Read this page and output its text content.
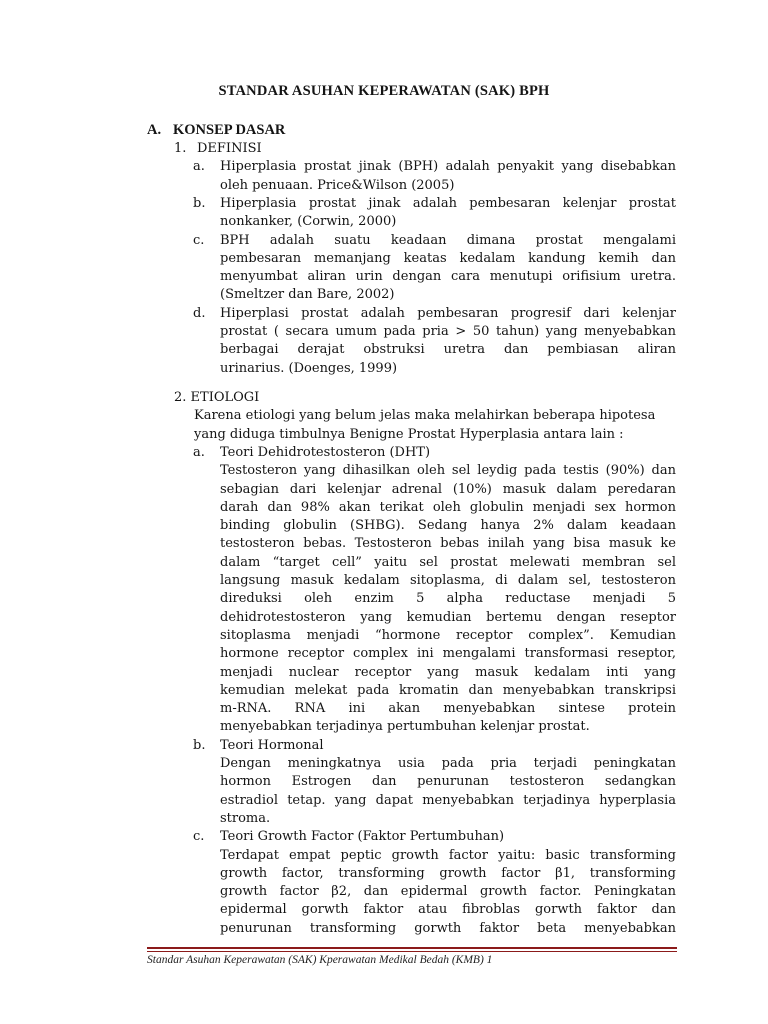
STANDAR ASUHAN KEPERAWATAN (SAK) BPH
A. KONSEP DASAR
1. DEFINISI
a. Hiperplasia prostat jinak (BPH) adalah penyakit yang disebabkan
oleh penuaan. Price&Wilson (2005)
b. Hiperplasia prostat jinak adalah pembesaran kelenjar prostat
nonkanker, (Corwin, 2000)
c. BPH adalah suatu keadaan dimana prostat mengalami
pembesaran memanjang keatas kedalam kandung kemih dan
menyumbat aliran urin dengan cara menutupi orifisium uretra.
(Smeltzer dan Bare, 2002)
d. Hiperplasi prostat adalah pembesaran progresif dari kelenjar
prostat ( secara umum pada pria > 50 tahun) yang menyebabkan
berbagai derajat obstruksi uretra dan pembiasan aliran
urinarius. (Doenges, 1999)
2. ETIOLOGI
Karena etiologi yang belum jelas maka melahirkan beberapa hipotesa
yang diduga timbulnya Benigne Prostat Hyperplasia antara lain :
a. Teori Dehidrotestosteron (DHT)
Testosteron yang dihasilkan oleh sel leydig pada testis (90%) dan
sebagian dari kelenjar adrenal (10%) masuk dalam peredaran
darah dan 98% akan terikat oleh globulin menjadi sex hormon
binding globulin (SHBG). Sedang hanya 2% dalam keadaan
testosteron bebas. Testosteron bebas inilah yang bisa masuk ke
dalam “target cell” yaitu sel prostat melewati membran sel
langsung masuk kedalam sitoplasma, di dalam sel, testosteron
direduksi oleh enzim 5 alpha reductase menjadi 5
dehidrotestosteron yang kemudian bertemu dengan reseptor
sitoplasma menjadi “hormone receptor complex”. Kemudian
hormone receptor complex ini mengalami transformasi reseptor,
menjadi nuclear receptor yang masuk kedalam inti yang
kemudian melekat pada kromatin dan menyebabkan transkripsi
m-RNA. RNA ini akan menyebabkan sintese protein
menyebabkan terjadinya pertumbuhan kelenjar prostat.
b. Teori Hormonal
Dengan meningkatnya usia pada pria terjadi peningkatan
hormon Estrogen dan penurunan testosteron sedangkan
estradiol tetap. yang dapat menyebabkan terjadinya hyperplasia
stroma.
c. Teori Growth Factor (Faktor Pertumbuhan)
Terdapat empat peptic growth factor yaitu: basic transforming
growth factor, transforming growth factor β1, transforming
growth factor β2, dan epidermal growth factor. Peningkatan
epidermal gorwth faktor atau fibroblas gorwth faktor dan
penurunan transforming gorwth faktor beta menyebabkan
Standar Asuhan Keperawatan (SAK) Kperawatan Medikal Bedah (KMB) 1
